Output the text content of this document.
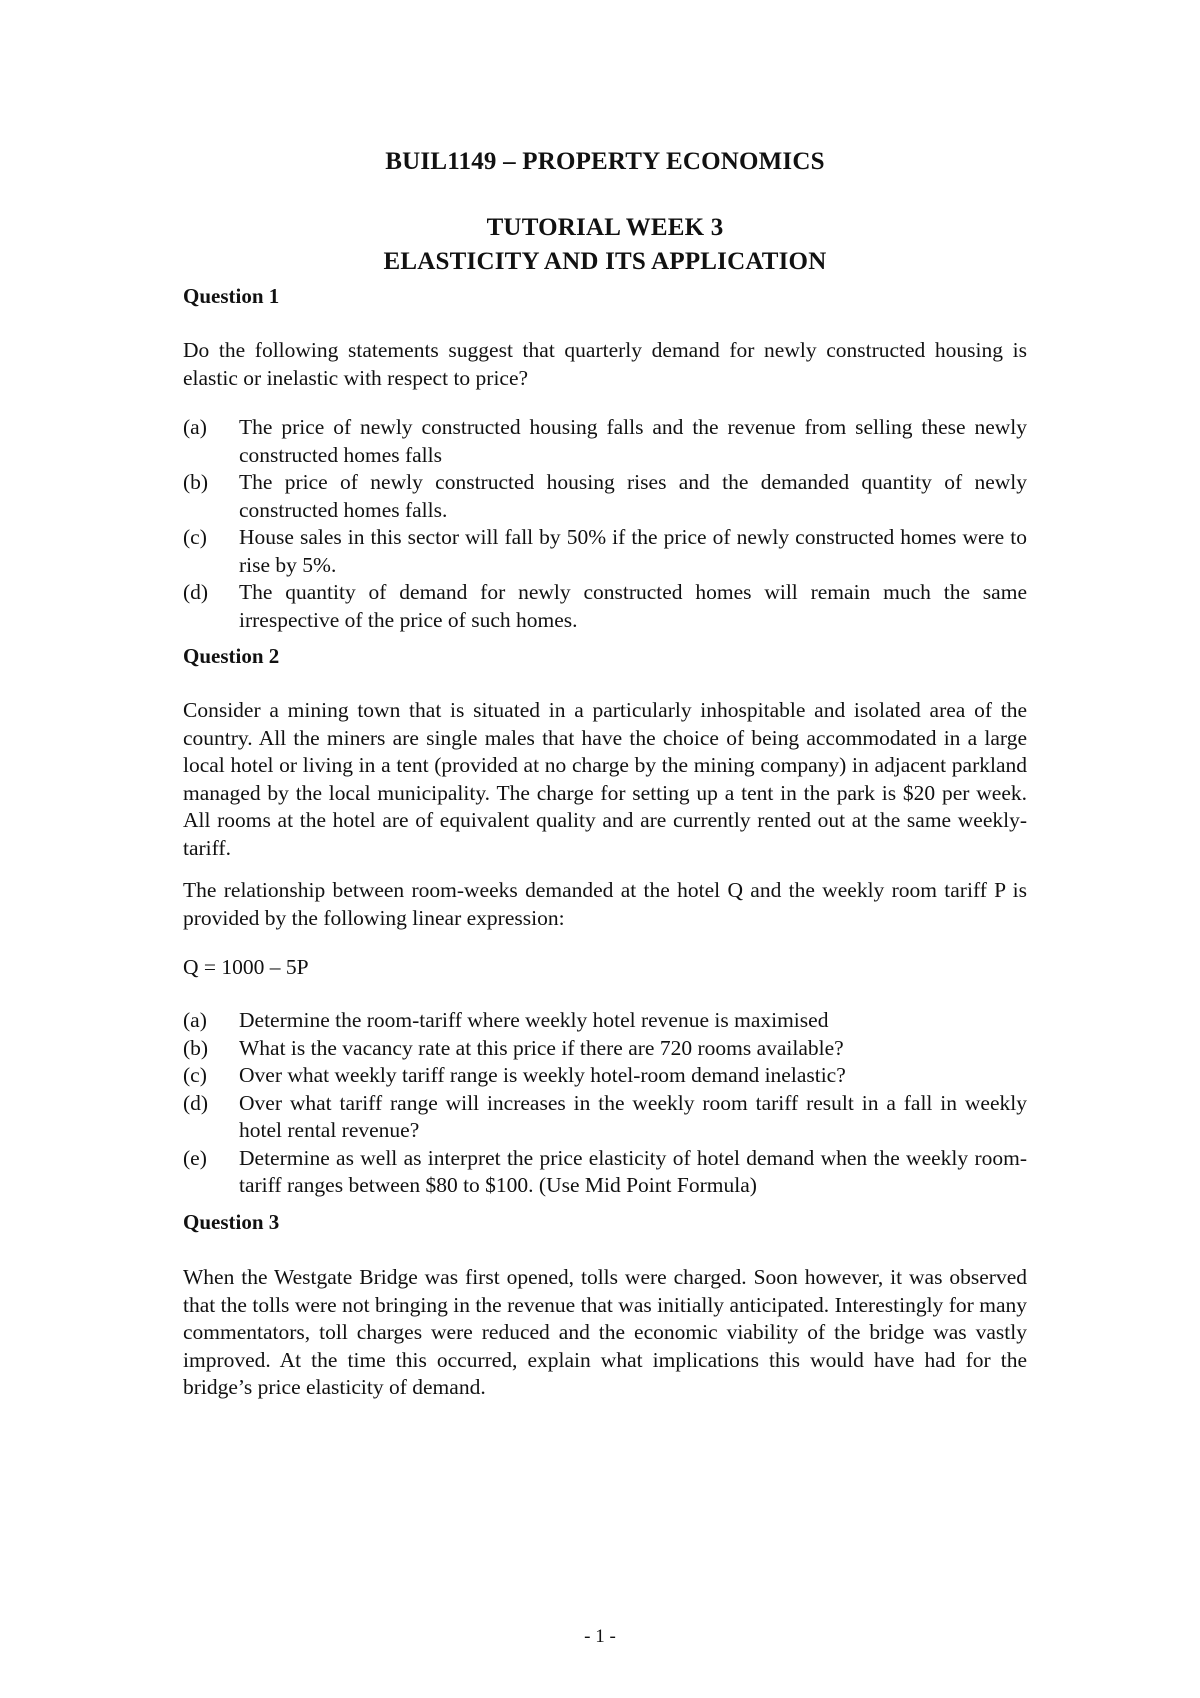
BUIL1149 – PROPERTY ECONOMICS
TUTORIAL WEEK 3
ELASTICITY AND ITS APPLICATION
Question 1

Do the following statements suggest that quarterly demand for newly constructed housing is elastic or inelastic with respect to price?

(a) The price of newly constructed housing falls and the revenue from selling these newly constructed homes falls
(b) The price of newly constructed housing rises and the demanded quantity of newly constructed homes falls.
(c) House sales in this sector will fall by 50% if the price of newly constructed homes were to rise by 5%.
(d) The quantity of demand for newly constructed homes will remain much the same irrespective of the price of such homes.
Question 2

Consider a mining town that is situated in a particularly inhospitable and isolated area of the country. All the miners are single males that have the choice of being accommodated in a large local hotel or living in a tent (provided at no charge by the mining company) in adjacent parkland managed by the local municipality. The charge for setting up a tent in the park is $20 per week. All rooms at the hotel are of equivalent quality and are currently rented out at the same weekly-tariff.

The relationship between room-weeks demanded at the hotel Q and the weekly room tariff P is provided by the following linear expression:

Q = 1000 – 5P

(a) Determine the room-tariff where weekly hotel revenue is maximised
(b) What is the vacancy rate at this price if there are 720 rooms available?
(c) Over what weekly tariff range is weekly hotel-room demand inelastic?
(d) Over what tariff range will increases in the weekly room tariff result in a fall in weekly hotel rental revenue?
(e) Determine as well as interpret the price elasticity of hotel demand when the weekly room-tariff ranges between $80 to $100. (Use Mid Point Formula)
Question 3

When the Westgate Bridge was first opened, tolls were charged. Soon however, it was observed that the tolls were not bringing in the revenue that was initially anticipated. Interestingly for many commentators, toll charges were reduced and the economic viability of the bridge was vastly improved. At the time this occurred, explain what implications this would have had for the bridge’s price elasticity of demand.

- 1 -
